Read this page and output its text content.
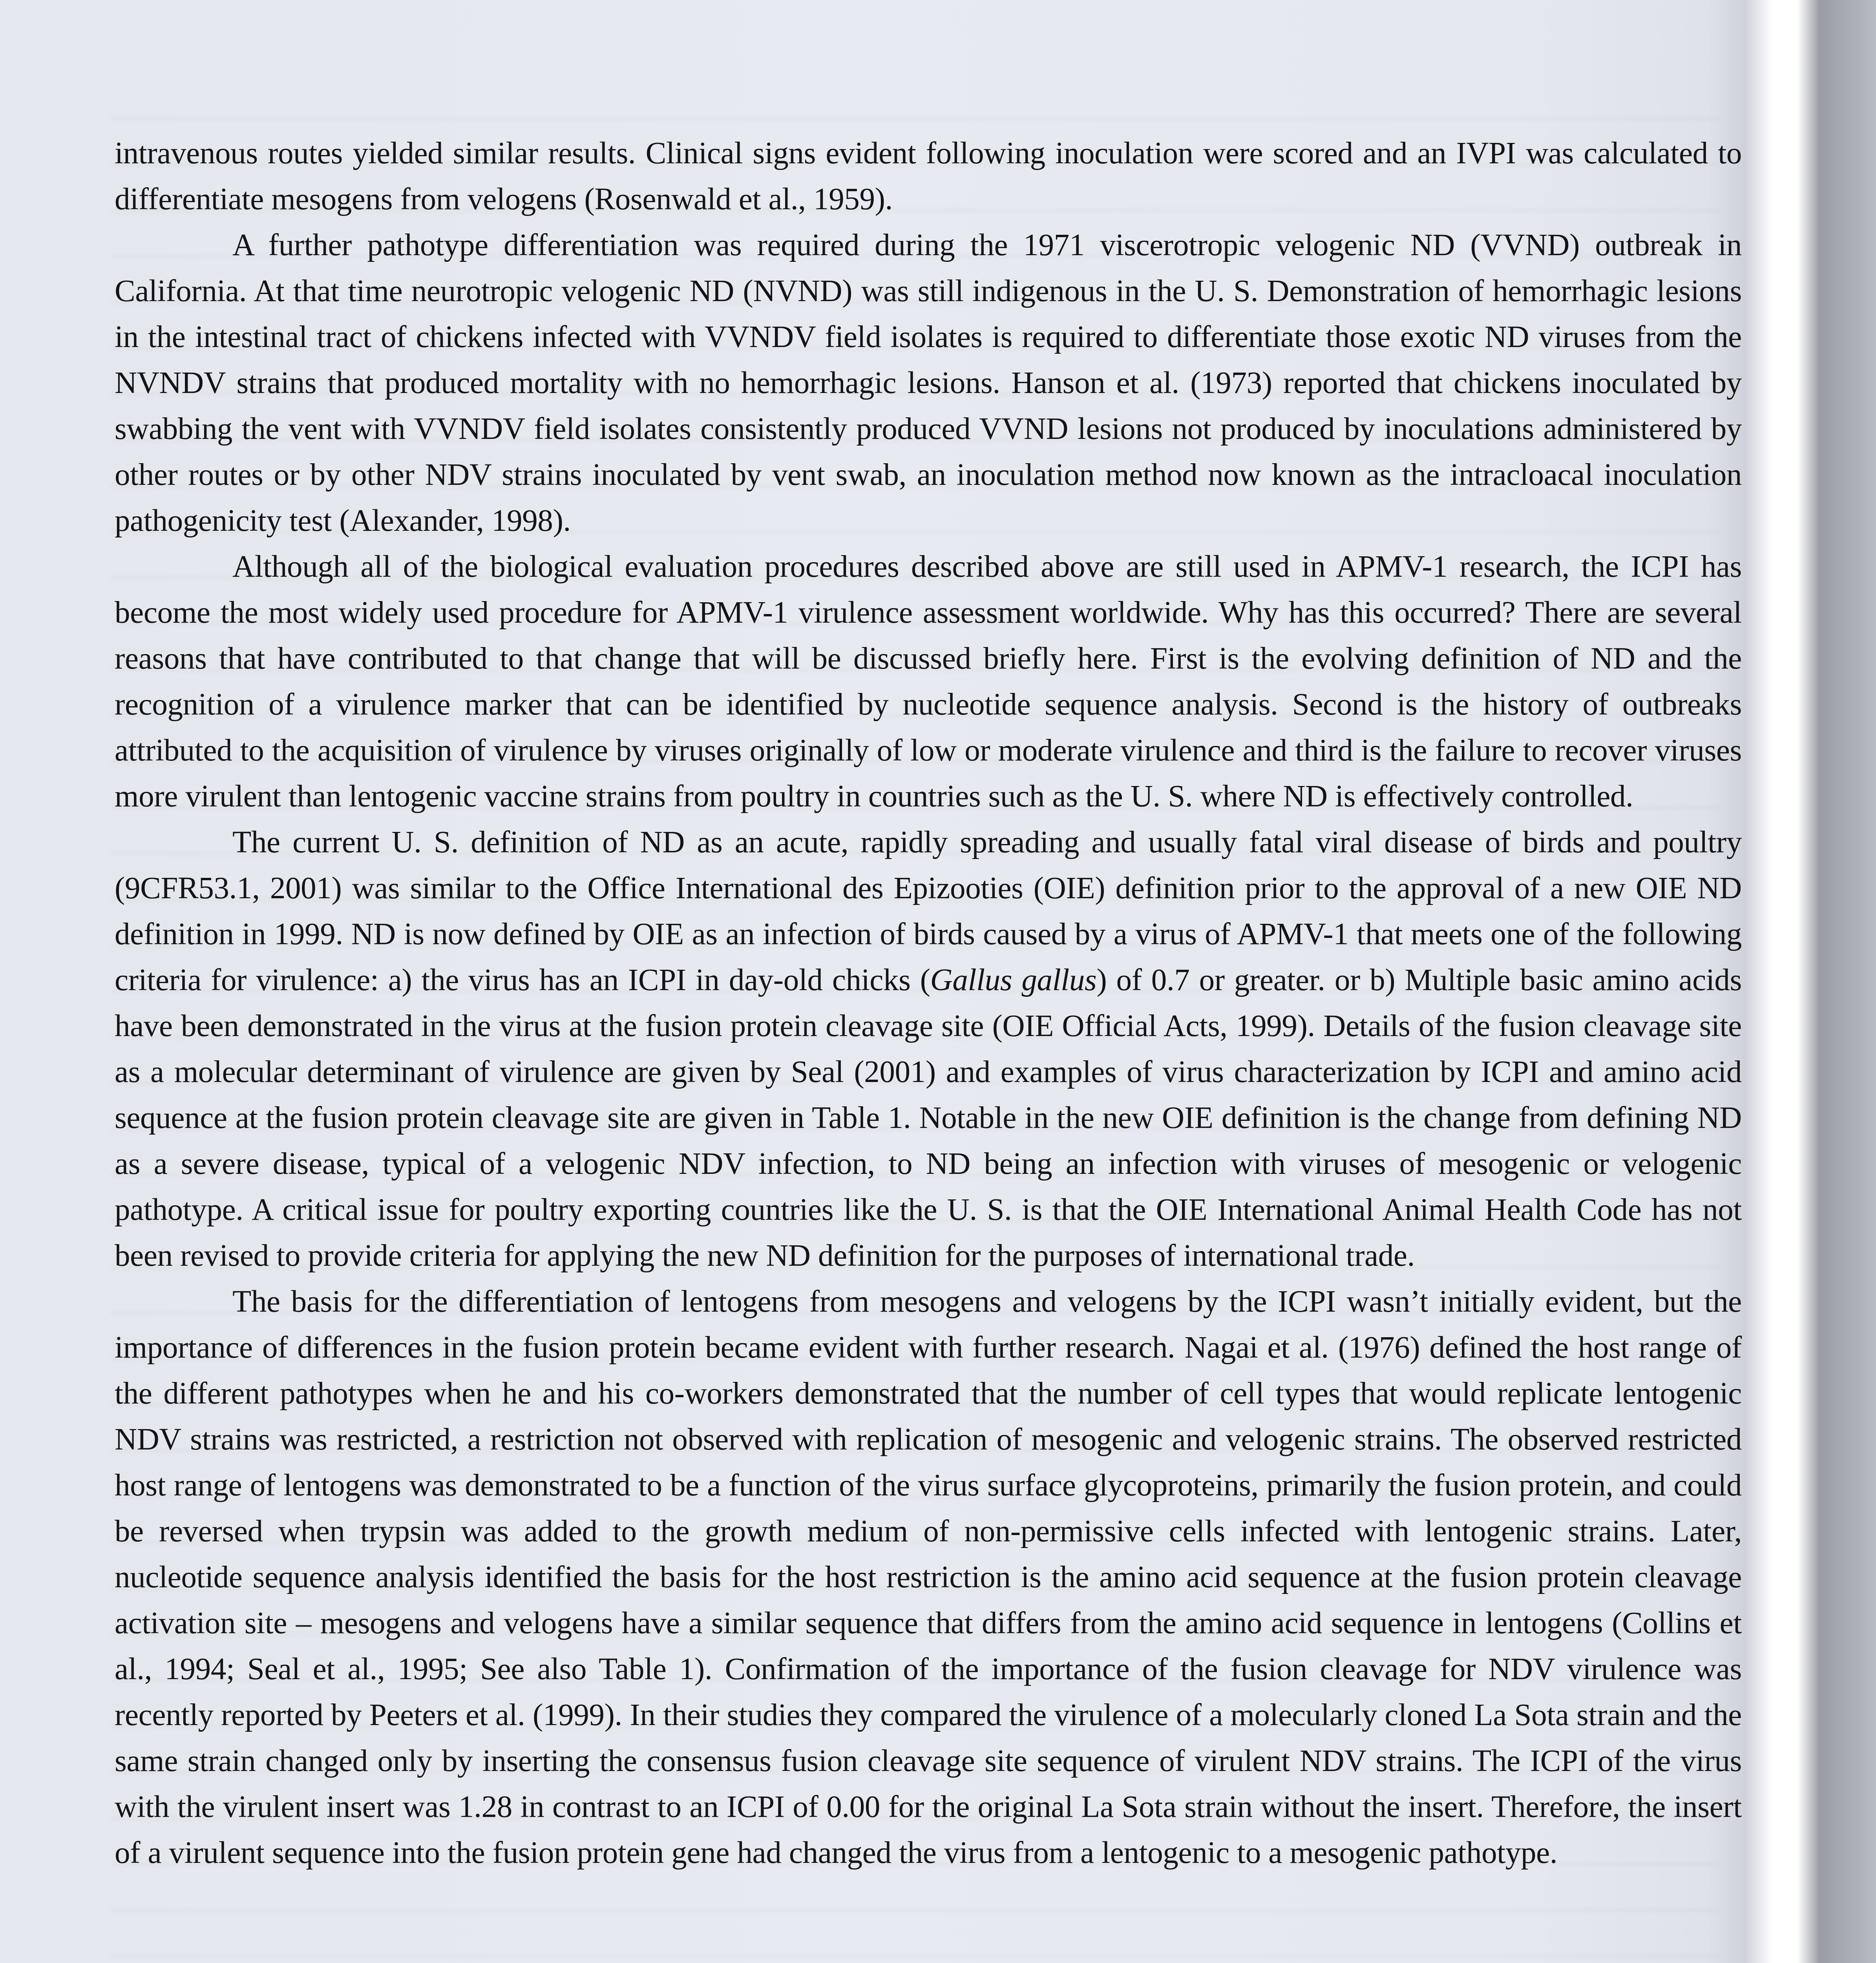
intravenous routes yielded similar results. Clinical signs evident following inoculation were scored and an IVPI was calculated to differentiate mesogens from velogens (Rosenwald et al., 1959).

A further pathotype differentiation was required during the 1971 viscerotropic velogenic ND (VVND) outbreak in California. At that time neurotropic velogenic ND (NVND) was still indigenous in the U. S. Demonstration of hemorrhagic lesions in the intestinal tract of chickens infected with VVNDV field isolates is required to differentiate those exotic ND viruses from the NVNDV strains that produced mortality with no hemorrhagic lesions. Hanson et al. (1973) reported that chickens inoculated by swabbing the vent with VVNDV field isolates consistently produced VVND lesions not produced by inoculations administered by other routes or by other NDV strains inoculated by vent swab, an inoculation method now known as the intracloacal inoculation pathogenicity test (Alexander, 1998).

Although all of the biological evaluation procedures described above are still used in APMV-1 research, the ICPI has become the most widely used procedure for APMV-1 virulence assessment worldwide. Why has this occurred? There are several reasons that have contributed to that change that will be discussed briefly here. First is the evolving definition of ND and the recognition of a virulence marker that can be identified by nucleotide sequence analysis. Second is the history of outbreaks attributed to the acquisition of virulence by viruses originally of low or moderate virulence and third is the failure to recover viruses more virulent than lentogenic vaccine strains from poultry in countries such as the U. S. where ND is effectively controlled.

The current U. S. definition of ND as an acute, rapidly spreading and usually fatal viral disease of birds and poultry (9CFR53.1, 2001) was similar to the Office International des Epizooties (OIE) definition prior to the approval of a new OIE ND definition in 1999. ND is now defined by OIE as an infection of birds caused by a virus of APMV-1 that meets one of the following criteria for virulence: a) the virus has an ICPI in day-old chicks (Gallus gallus) of 0.7 or greater. or b) Multiple basic amino acids have been demonstrated in the virus at the fusion protein cleavage site (OIE Official Acts, 1999). Details of the fusion cleavage site as a molecular determinant of virulence are given by Seal (2001) and examples of virus characterization by ICPI and amino acid sequence at the fusion protein cleavage site are given in Table 1. Notable in the new OIE definition is the change from defining ND as a severe disease, typical of a velogenic NDV infection, to ND being an infection with viruses of mesogenic or velogenic pathotype. A critical issue for poultry exporting countries like the U. S. is that the OIE International Animal Health Code has not been revised to provide criteria for applying the new ND definition for the purposes of international trade.

The basis for the differentiation of lentogens from mesogens and velogens by the ICPI wasn’t initially evident, but the importance of differences in the fusion protein became evident with further research. Nagai et al. (1976) defined the host range of the different pathotypes when he and his co-workers demonstrated that the number of cell types that would replicate lentogenic NDV strains was restricted, a restriction not observed with replication of mesogenic and velogenic strains. The observed restricted host range of lentogens was demonstrated to be a function of the virus surface glycoproteins, primarily the fusion protein, and could be reversed when trypsin was added to the growth medium of non-permissive cells infected with lentogenic strains. Later, nucleotide sequence analysis identified the basis for the host restriction is the amino acid sequence at the fusion protein cleavage activation site – mesogens and velogens have a similar sequence that differs from the amino acid sequence in lentogens (Collins et al., 1994; Seal et al., 1995; See also Table 1). Confirmation of the importance of the fusion cleavage for NDV virulence was recently reported by Peeters et al. (1999). In their studies they compared the virulence of a molecularly cloned La Sota strain and the same strain changed only by inserting the consensus fusion cleavage site sequence of virulent NDV strains. The ICPI of the virus with the virulent insert was 1.28 in contrast to an ICPI of 0.00 for the original La Sota strain without the insert. Therefore, the insert of a virulent sequence into the fusion protein gene had changed the virus from a lentogenic to a mesogenic pathotype.
